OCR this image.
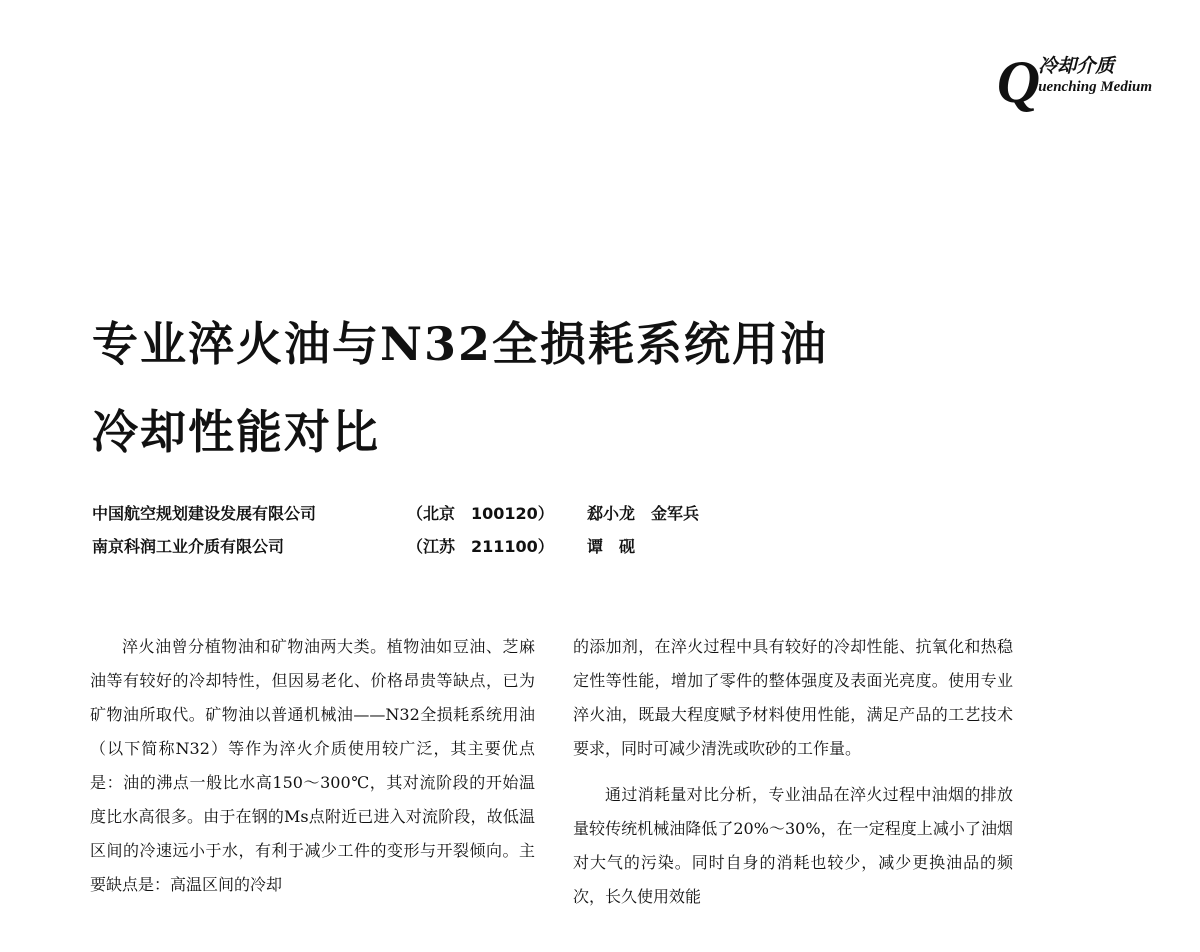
Q
冷却介质
uenching Medium
专业淬火油与N32全损耗系统用油
冷却性能对比
中国航空规划建设发展有限公司	（北京　100120）	郄小龙　金军兵
南京科润工业介质有限公司	（江苏　211100）	谭　砚

淬火油曾分植物油和矿物油两大类。植物油如豆油、芝麻油等有较好的冷却特性，但因易老化、价格昂贵等缺点，已为矿物油所取代。矿物油以普通机械油——N32全损耗系统用油（以下简称N32）等作为淬火介质使用较广泛，其主要优点是：油的沸点一般比水高150～300℃，其对流阶段的开始温度比水高很多。由于在钢的Ms点附近已进入对流阶段，故低温区间的冷速远小于水，有利于减少工件的变形与开裂倾向。主要缺点是：高温区间的冷却

的添加剂，在淬火过程中具有较好的冷却性能、抗氧化和热稳定性等性能，增加了零件的整体强度及表面光亮度。使用专业淬火油，既最大程度赋予材料使用性能，满足产品的工艺技术要求，同时可减少清洗或吹砂的工作量。

通过消耗量对比分析，专业油品在淬火过程中油烟的排放量较传统机械油降低了20%～30%，在一定程度上减小了油烟对大气的污染。同时自身的消耗也较少，减少更换油品的频次，长久使用效能
